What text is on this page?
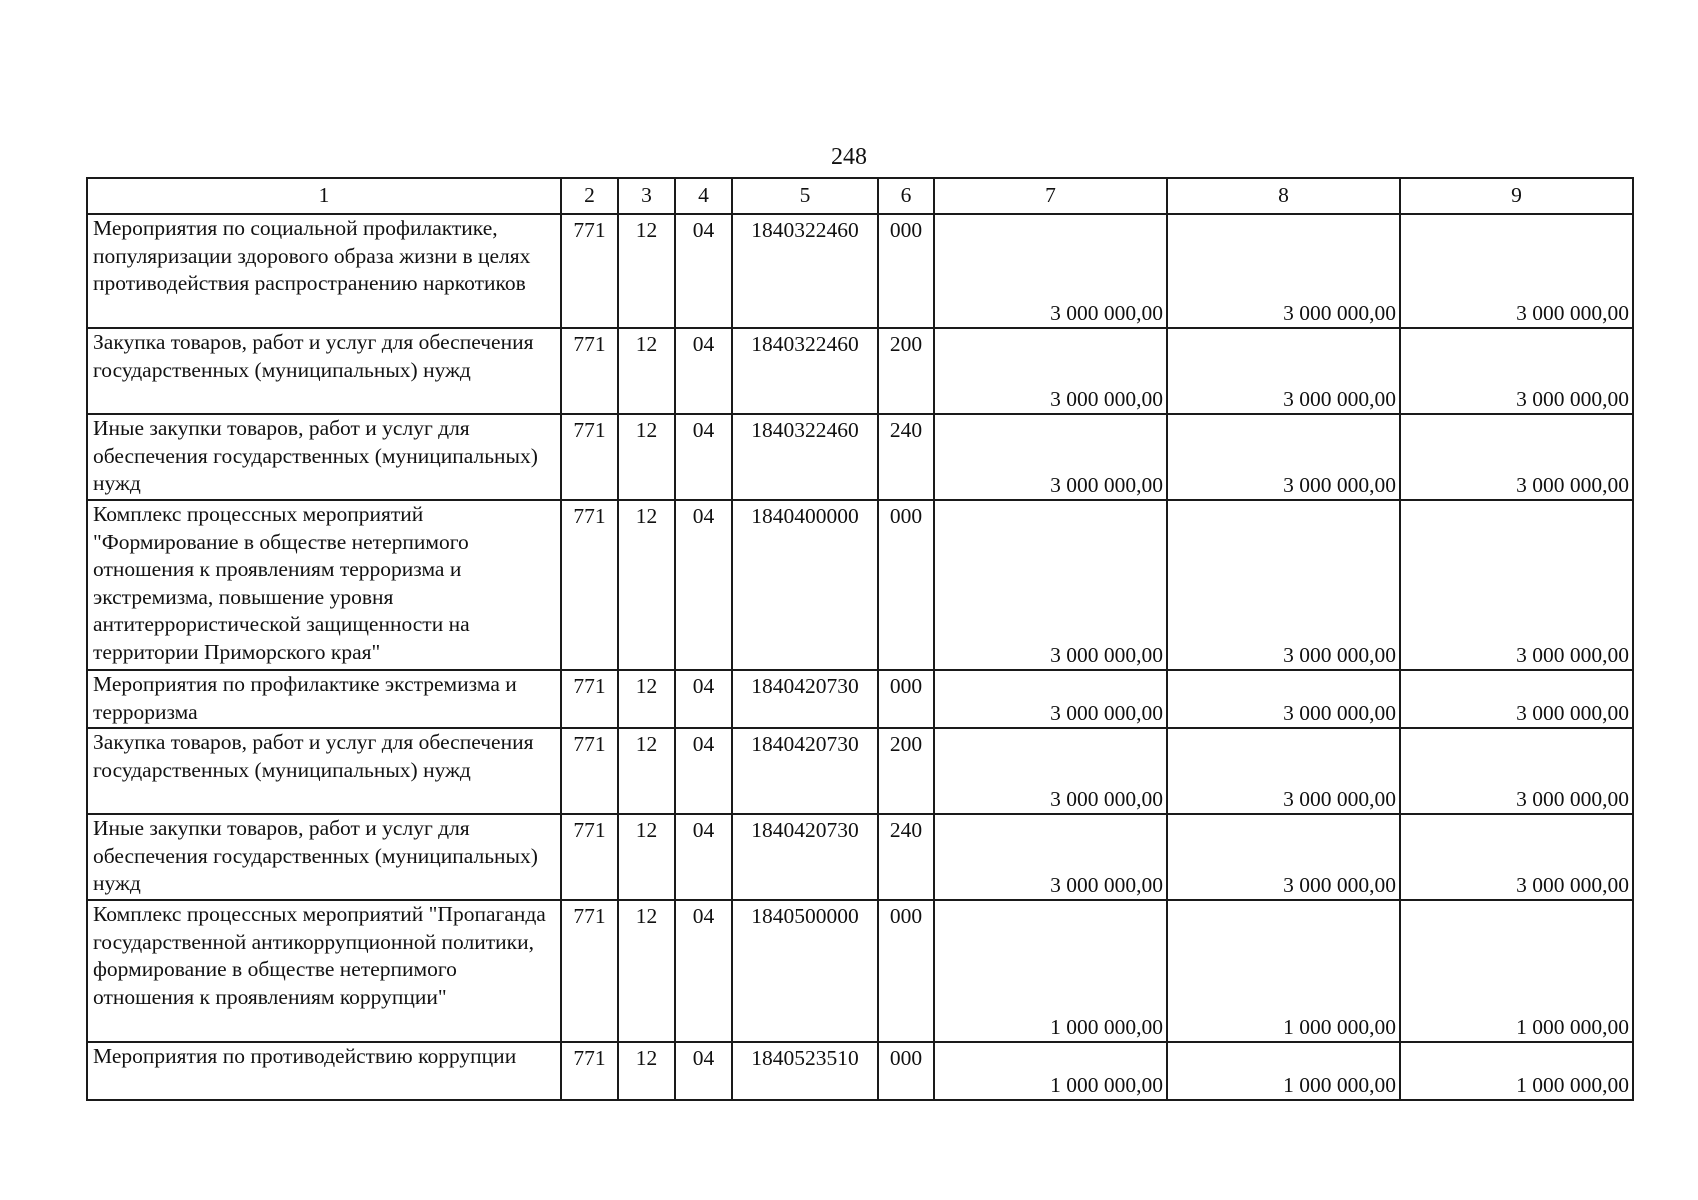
248
1	2	3	4	5	6	7	8	9
Мероприятия по социальной профилактике, популяризации здорового образа жизни в целях противодействия распространению наркотиков	771	12	04	1840322460	000	3 000 000,00	3 000 000,00	3 000 000,00
Закупка товаров, работ и услуг для обеспечения государственных (муниципальных) нужд	771	12	04	1840322460	200	3 000 000,00	3 000 000,00	3 000 000,00
Иные закупки товаров, работ и услуг для обеспечения государственных (муниципальных) нужд	771	12	04	1840322460	240	3 000 000,00	3 000 000,00	3 000 000,00
Комплекс процессных мероприятий "Формирование в обществе нетерпимого отношения к проявлениям терроризма и экстремизма, повышение уровня антитеррористической защищенности на территории Приморского края"	771	12	04	1840400000	000	3 000 000,00	3 000 000,00	3 000 000,00
Мероприятия по профилактике экстремизма и терроризма	771	12	04	1840420730	000	3 000 000,00	3 000 000,00	3 000 000,00
Закупка товаров, работ и услуг для обеспечения государственных (муниципальных) нужд	771	12	04	1840420730	200	3 000 000,00	3 000 000,00	3 000 000,00
Иные закупки товаров, работ и услуг для обеспечения государственных (муниципальных) нужд	771	12	04	1840420730	240	3 000 000,00	3 000 000,00	3 000 000,00
Комплекс процессных мероприятий "Пропаганда государственной антикоррупционной политики, формирование в обществе нетерпимого отношения к проявлениям коррупции"	771	12	04	1840500000	000	1 000 000,00	1 000 000,00	1 000 000,00
Мероприятия по противодействию коррупции	771	12	04	1840523510	000	1 000 000,00	1 000 000,00	1 000 000,00
